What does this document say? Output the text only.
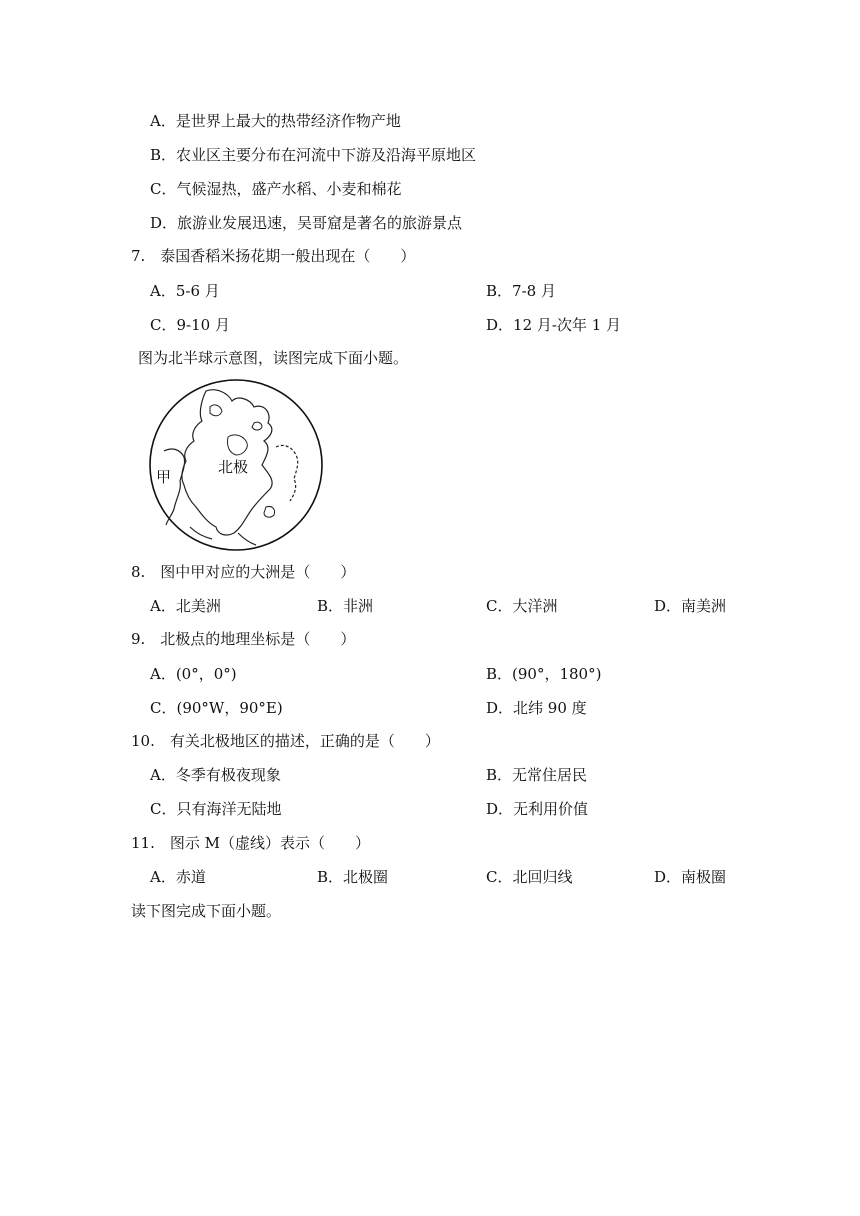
A．是世界上最大的热带经济作物产地
B．农业区主要分布在河流中下游及沿海平原地区
C．气候湿热，盛产水稻、小麦和棉花
D．旅游业发展迅速，吴哥窟是著名的旅游景点
7.　泰国香稻米扬花期一般出现在（　　）
A．5-6 月	B．7-8 月
C．9-10 月	D．12 月-次年 1 月
图为北半球示意图，读图完成下面小题。
甲
北极
8.　图中甲对应的大洲是（　　）
A．北美洲	B．非洲	C．大洋洲	D．南美洲
9.　北极点的地理坐标是（　　）
A．(0°，0°)	B．(90°，180°)
C．(90°W，90°E)	D．北纬 90 度
10.　有关北极地区的描述，正确的是（　　）
A．冬季有极夜现象	B．无常住居民
C．只有海洋无陆地	D．无利用价值
11.　图示 M（虚线）表示（　　）
A．赤道	B．北极圈	C．北回归线	D．南极圈
读下图完成下面小题。
